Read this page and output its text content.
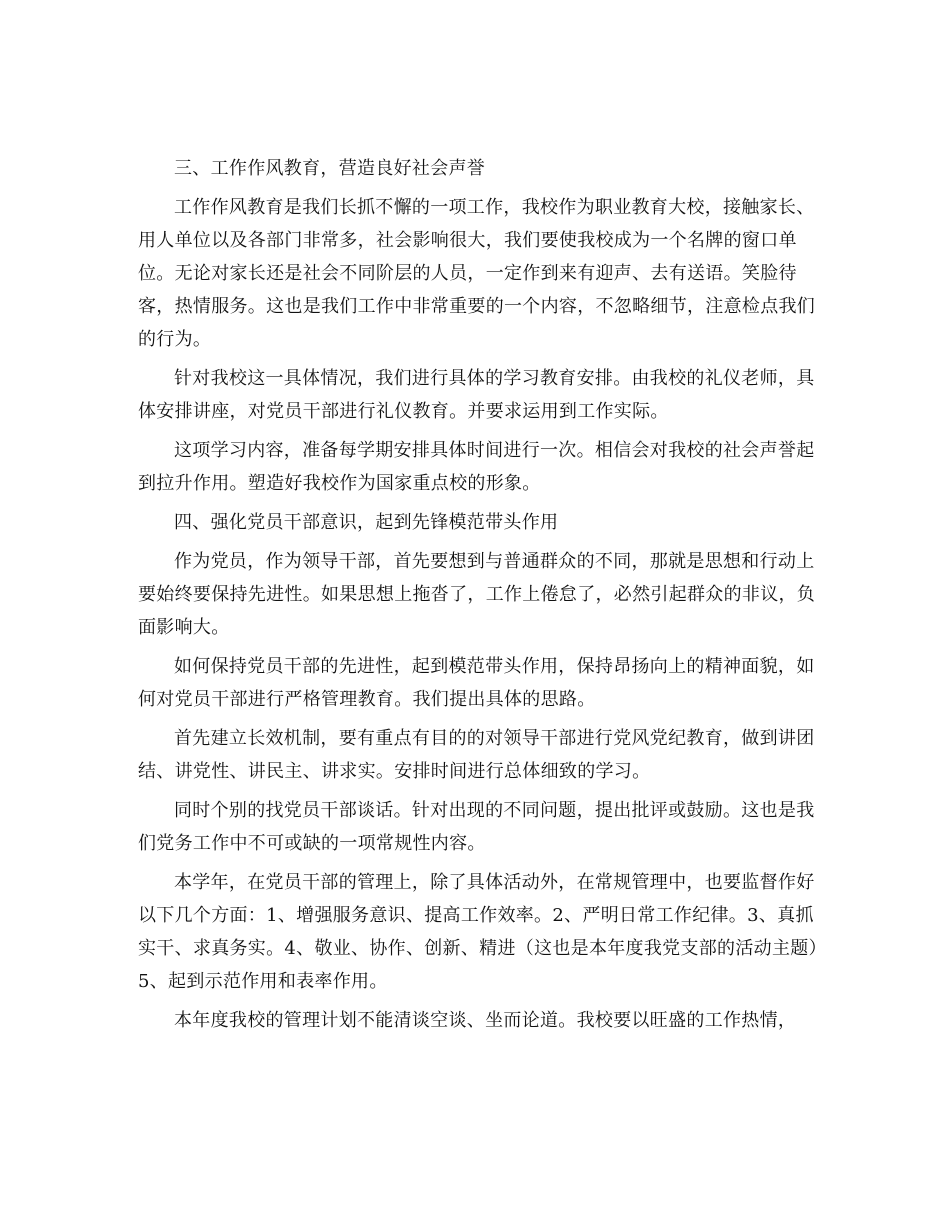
三、工作作风教育，营造良好社会声誉

工作作风教育是我们长抓不懈的一项工作，我校作为职业教育大校，接触家长、用人单位以及各部门非常多，社会影响很大，我们要使我校成为一个名牌的窗口单位。无论对家长还是社会不同阶层的人员，一定作到来有迎声、去有送语。笑脸待客，热情服务。这也是我们工作中非常重要的一个内容，不忽略细节，注意检点我们的行为。

针对我校这一具体情况，我们进行具体的学习教育安排。由我校的礼仪老师，具体安排讲座，对党员干部进行礼仪教育。并要求运用到工作实际。

这项学习内容，准备每学期安排具体时间进行一次。相信会对我校的社会声誉起到拉升作用。塑造好我校作为国家重点校的形象。

四、强化党员干部意识，起到先锋模范带头作用

作为党员，作为领导干部，首先要想到与普通群众的不同，那就是思想和行动上要始终要保持先进性。如果思想上拖沓了，工作上倦怠了，必然引起群众的非议，负面影响大。

如何保持党员干部的先进性，起到模范带头作用，保持昂扬向上的精神面貌，如何对党员干部进行严格管理教育。我们提出具体的思路。

首先建立长效机制，要有重点有目的的对领导干部进行党风党纪教育，做到讲团结、讲党性、讲民主、讲求实。安排时间进行总体细致的学习。

同时个别的找党员干部谈话。针对出现的不同问题，提出批评或鼓励。这也是我们党务工作中不可或缺的一项常规性内容。

本学年，在党员干部的管理上，除了具体活动外，在常规管理中，也要监督作好以下几个方面：1、增强服务意识、提高工作效率。2、严明日常工作纪律。3、真抓实干、求真务实。4、敬业、协作、创新、精进（这也是本年度我党支部的活动主题）5、起到示范作用和表率作用。

本年度我校的管理计划不能清谈空谈、坐而论道。我校要以旺盛的工作热情，
